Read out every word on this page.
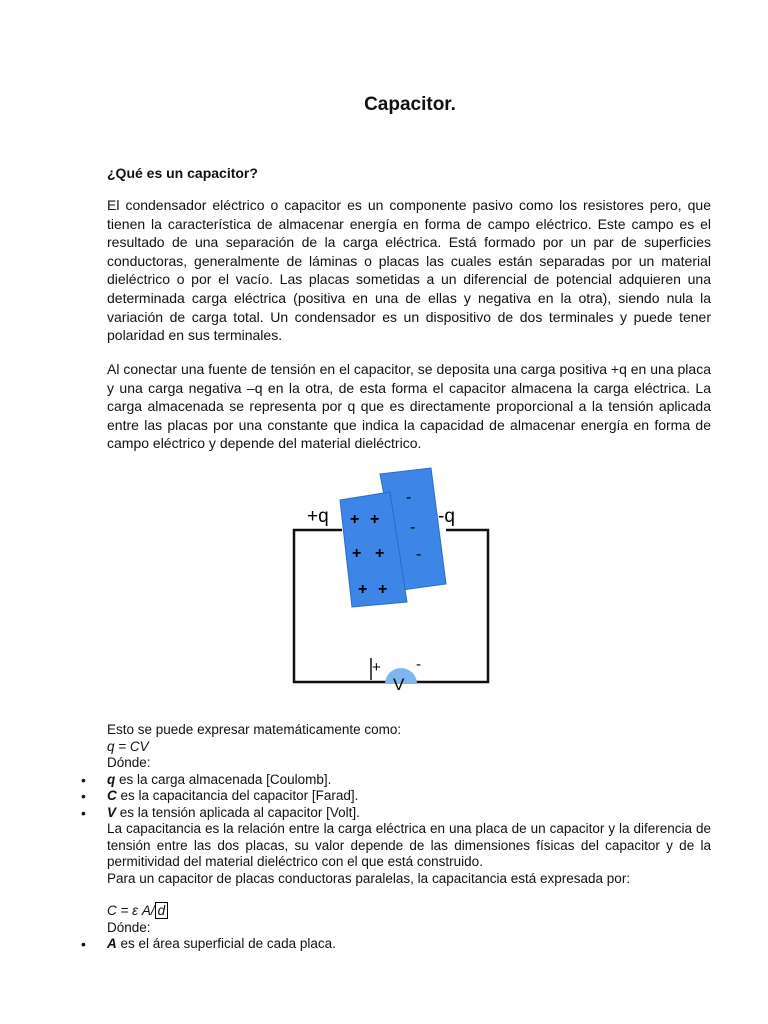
Capacitor.
¿Qué es un capacitor?

El condensador eléctrico o capacitor es un componente pasivo como los resistores pero, que tienen la característica de almacenar energía en forma de campo eléctrico. Este campo es el resultado de una separación de la carga eléctrica. Está formado por un par de superficies conductoras, generalmente de láminas o placas las cuales están separadas por un material dieléctrico o por el vacío. Las placas sometidas a un diferencial de potencial adquieren una determinada carga eléctrica (positiva en una de ellas y negativa en la otra), siendo nula la variación de carga total. Un condensador es un dispositivo de dos terminales y puede tener polaridad en sus terminales.

Al conectar una fuente de tensión en el capacitor, se deposita una carga positiva +q en una placa y una carga negativa –q en la otra, de esta forma el capacitor almacena la carga eléctrica. La carga almacenada se representa por q que es directamente proporcional a la tensión aplicada entre las placas por una constante que indica la capacidad de almacenar energía en forma de campo eléctrico y depende del material dieléctrico.

+q	-q
+ +
+ +
+ +
-
-
-
+ -
V
Esto se puede expresar matemáticamente como:
q = CV
Dónde:
• q es la carga almacenada [Coulomb].
• C es la capacitancia del capacitor [Farad].
• V es la tensión aplicada al capacitor [Volt].
La capacitancia es la relación entre la carga eléctrica en una placa de un capacitor y la diferencia de tensión entre las dos placas, su valor depende de las dimensiones físicas del capacitor y de la permitividad del material dieléctrico con el que está construido.
Para un capacitor de placas conductoras paralelas, la capacitancia está expresada por:
C = ε A/ d
Dónde:
• A es el área superficial de cada placa.
